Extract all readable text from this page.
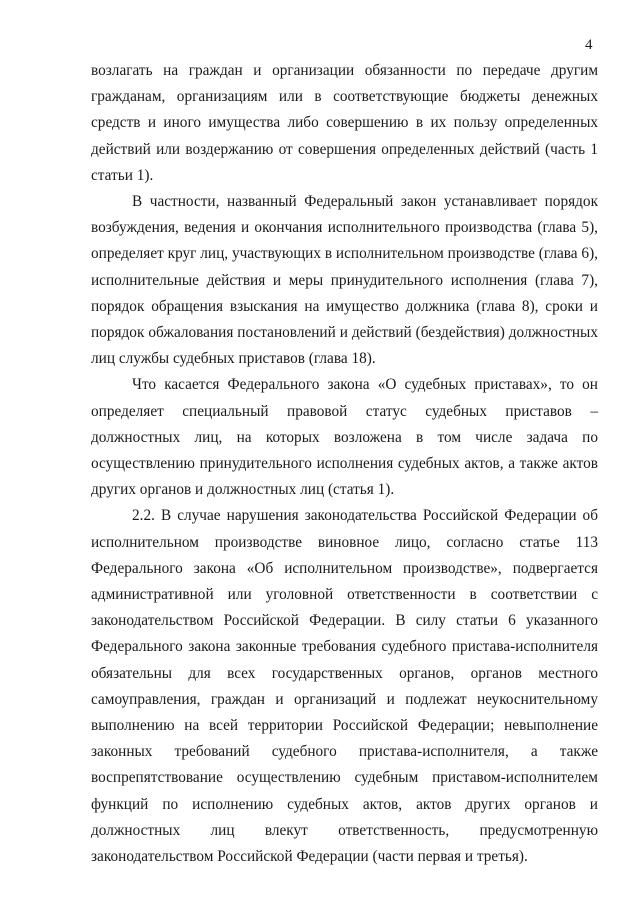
4

возлагать на граждан и организации обязанности по передаче другим гражданам, организациям или в соответствующие бюджеты денежных средств и иного имущества либо совершению в их пользу определенных действий или воздержанию от совершения определенных действий (часть 1 статьи 1).

В частности, названный Федеральный закон устанавливает порядок возбуждения, ведения и окончания исполнительного производства (глава 5), определяет круг лиц, участвующих в исполнительном производстве (глава 6), исполнительные действия и меры принудительного исполнения (глава 7), порядок обращения взыскания на имущество должника (глава 8), сроки и порядок обжалования постановлений и действий (бездействия) должностных лиц службы судебных приставов (глава 18).

Что касается Федерального закона «О судебных приставах», то он определяет специальный правовой статус судебных приставов – должностных лиц, на которых возложена в том числе задача по осуществлению принудительного исполнения судебных актов, а также актов других органов и должностных лиц (статья 1).

2.2. В случае нарушения законодательства Российской Федерации об исполнительном производстве виновное лицо, согласно статье 113 Федерального закона «Об исполнительном производстве», подвергается административной или уголовной ответственности в соответствии с законодательством Российской Федерации. В силу статьи 6 указанного Федерального закона законные требования судебного пристава-исполнителя обязательны для всех государственных органов, органов местного самоуправления, граждан и организаций и подлежат неукоснительному выполнению на всей территории Российской Федерации; невыполнение законных требований судебного пристава-исполнителя, а также воспрепятствование осуществлению судебным приставом-исполнителем функций по исполнению судебных актов, актов других органов и должностных лиц влекут ответственность, предусмотренную законодательством Российской Федерации (части первая и третья).
